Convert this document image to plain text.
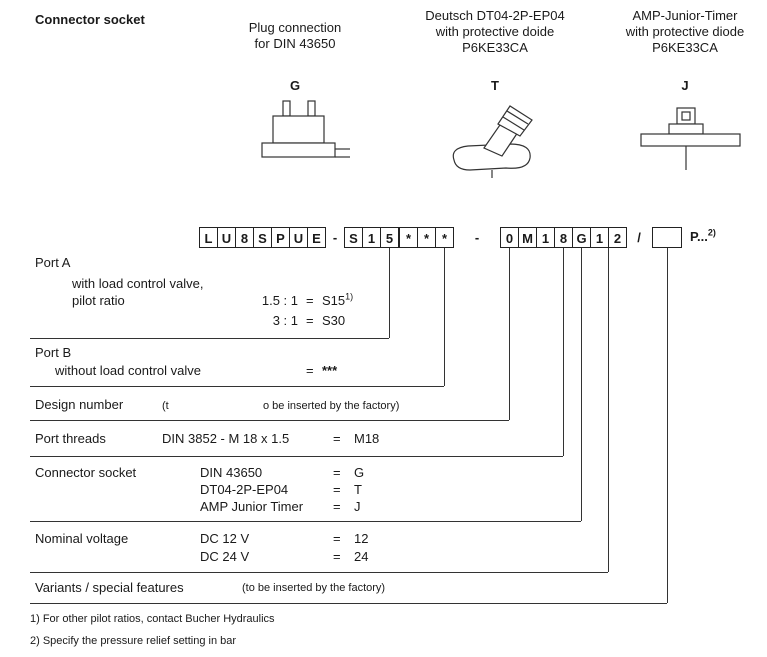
Connector socket
Plug connection
for DIN 43650
Deutsch DT04-2P-EP04
with protective doide
P6KE33CA
AMP-Junior-Timer
with protective diode
P6KE33CA
G	T	J
L U 8 S P U E - S 1 5 * * *	-	0 M 1 8 G 1 2	/	P...$^{2)}$
Port A
with load control valve,
pilot ratio	1.5 : $1 = S15^{1)}$
3 : 1 = S30
Port B
without load control valve	= ***
Design number	(t	o be inserted by the factory)
Port threads	DIN 3852 - M 18 x 1.5	= M18
Connector socket	DIN 43650	= G
DT04-2P-EP04	= T
AMP Junior Timer = J
Nominal voltage	DC 12 V	= 12
DC 24 V	= 24
Variants / special features	(to be inserted by the factory)
1) For other pilot ratios, contact Bucher Hydraulics
2) Specify the pressure relief setting in bar
